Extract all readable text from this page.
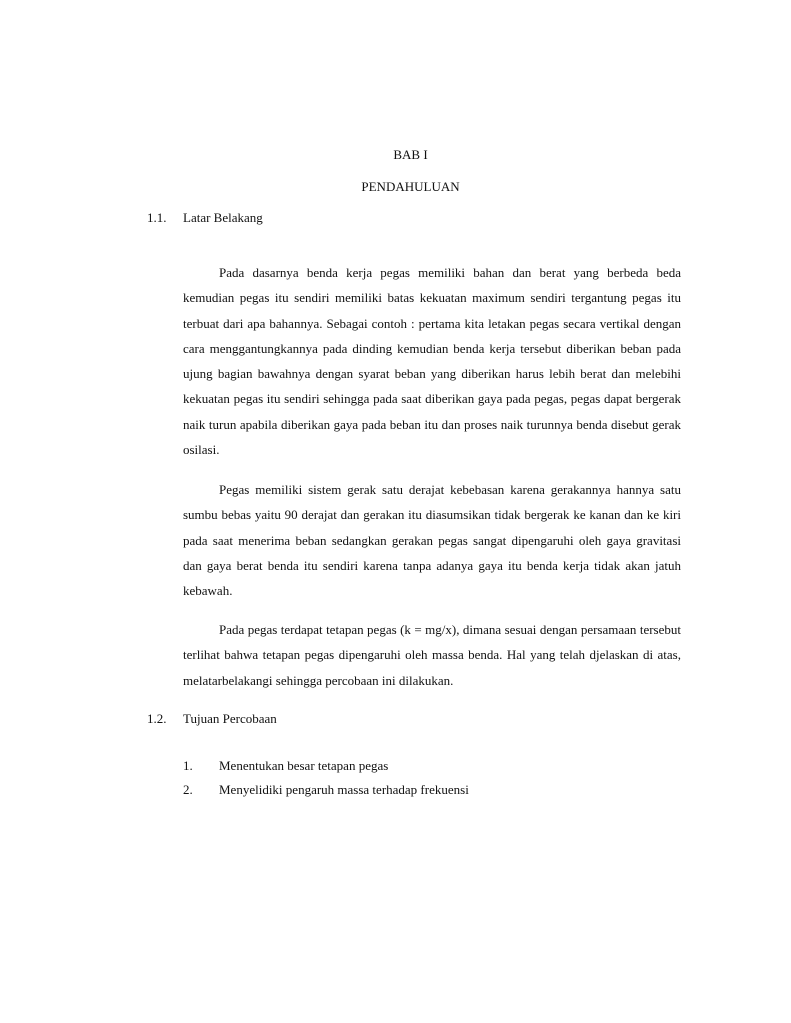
BAB I
PENDAHULUAN
1.1. Latar Belakang

Pada dasarnya benda kerja pegas memiliki bahan dan berat yang berbeda beda kemudian pegas itu sendiri memiliki batas kekuatan maximum sendiri tergantung pegas itu terbuat dari apa bahannya. Sebagai contoh : pertama kita letakan pegas secara vertikal dengan cara menggantungkannya pada dinding kemudian benda kerja tersebut diberikan beban pada ujung bagian bawahnya dengan syarat beban yang diberikan harus lebih berat dan melebihi kekuatan pegas itu sendiri sehingga pada saat diberikan gaya pada pegas, pegas dapat bergerak naik turun apabila diberikan gaya pada beban itu dan proses naik turunnya benda disebut gerak osilasi.

Pegas memiliki sistem gerak satu derajat kebebasan karena gerakannya hannya satu sumbu bebas yaitu 90 derajat dan gerakan itu diasumsikan tidak bergerak ke kanan dan ke kiri pada saat menerima beban sedangkan gerakan pegas sangat dipengaruhi oleh gaya gravitasi dan gaya berat benda itu sendiri karena tanpa adanya gaya itu benda kerja tidak akan jatuh kebawah.

Pada pegas terdapat tetapan pegas (k = mg/x), dimana sesuai dengan persamaan tersebut terlihat bahwa tetapan pegas dipengaruhi oleh massa benda. Hal yang telah djelaskan di atas, melatarbelakangi sehingga percobaan ini dilakukan.

1.2. Tujuan Percobaan
1. Menentukan besar tetapan pegas
2. Menyelidiki pengaruh massa terhadap frekuensi
